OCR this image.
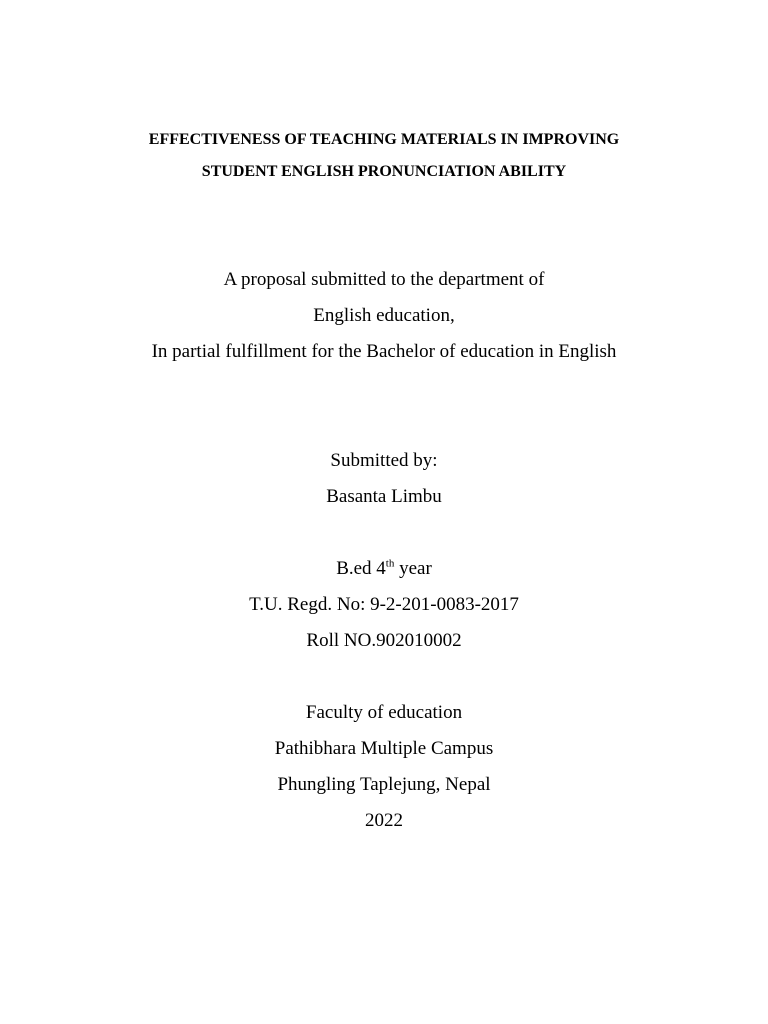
EFFECTIVENESS OF TEACHING MATERIALS IN IMPROVING
STUDENT ENGLISH PRONUNCIATION ABILITY
A proposal submitted to the department of
English education,
In partial fulfillment for the Bachelor of education in English
Submitted by:
Basanta Limbu
B.ed 4th year
T.U. Regd. No: 9-2-201-0083-2017
Roll NO.902010002
Faculty of education
Pathibhara Multiple Campus
Phungling Taplejung, Nepal
2022
